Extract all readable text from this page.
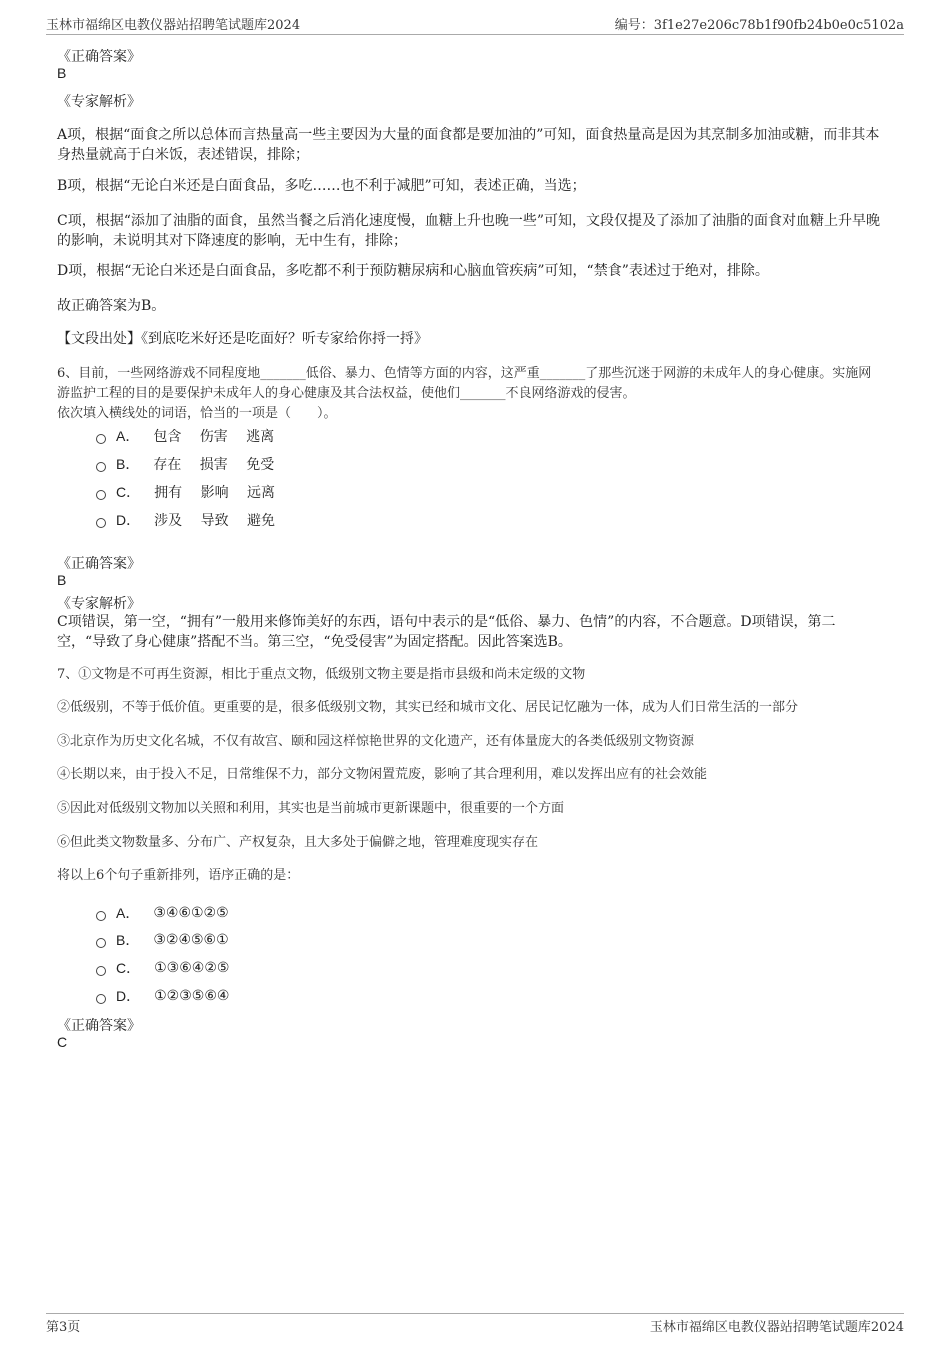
玉林市福绵区电教仪器站招聘笔试题库2024	编号：3f1e27e206c78b1f90fb24b0e0c5102a
《正确答案》
B
《专家解析》
A项，根据“面食之所以总体而言热量高一些主要因为大量的面食都是要加油的”可知，面食热量高是因为其烹制多加油或糖，而非其本身热量就高于白米饭，表述错误，排除；
B项，根据“无论白米还是白面食品，多吃……也不利于减肥”可知，表述正确，当选；
C项，根据“添加了油脂的面食，虽然当餐之后消化速度慢，血糖上升也晚一些”可知，文段仅提及了添加了油脂的面食对血糖上升早晚的影响，未说明其对下降速度的影响，无中生有，排除；
D项，根据“无论白米还是白面食品，多吃都不利于预防糖尿病和心脑血管疾病”可知，“禁食”表述过于绝对，排除。
故正确答案为B。
【文段出处】《到底吃米好还是吃面好？听专家给你捋一捋》
6、目前，一些网络游戏不同程度地_______低俗、暴力、色情等方面的内容，这严重_______了那些沉迷于网游的未成年人的身心健康。实施网游监护工程的目的是要保护未成年人的身心健康及其合法权益，使他们_______不良网络游戏的侵害。
依次填入横线处的词语，恰当的一项是（　　）。
A． 包含　 伤害　 逃离
B． 存在　 损害　 免受
C． 拥有　 影响　 远离
D． 涉及　 导致　 避免
《正确答案》
B
《专家解析》
C项错误，第一空，“拥有”一般用来修饰美好的东西，语句中表示的是“低俗、暴力、色情”的内容，不合题意。D项错误，第二空，“导致了身心健康”搭配不当。第三空，“免受侵害”为固定搭配。因此答案选B。
7、①文物是不可再生资源，相比于重点文物，低级别文物主要是指市县级和尚未定级的文物
②低级别，不等于低价值。更重要的是，很多低级别文物，其实已经和城市文化、居民记忆融为一体，成为人们日常生活的一部分
③北京作为历史文化名城，不仅有故宫、颐和园这样惊艳世界的文化遗产，还有体量庞大的各类低级别文物资源
④长期以来，由于投入不足，日常维保不力，部分文物闲置荒废，影响了其合理利用，难以发挥出应有的社会效能
⑤因此对低级别文物加以关照和利用，其实也是当前城市更新课题中，很重要的一个方面
⑥但此类文物数量多、分布广、产权复杂，且大多处于偏僻之地，管理难度现实存在
将以上6个句子重新排列，语序正确的是：
A． ③④⑥①②⑤
B． ③②④⑤⑥①
C． ①③⑥④②⑤
D． ①②③⑤⑥④
《正确答案》
C
第3页	玉林市福绵区电教仪器站招聘笔试题库2024
